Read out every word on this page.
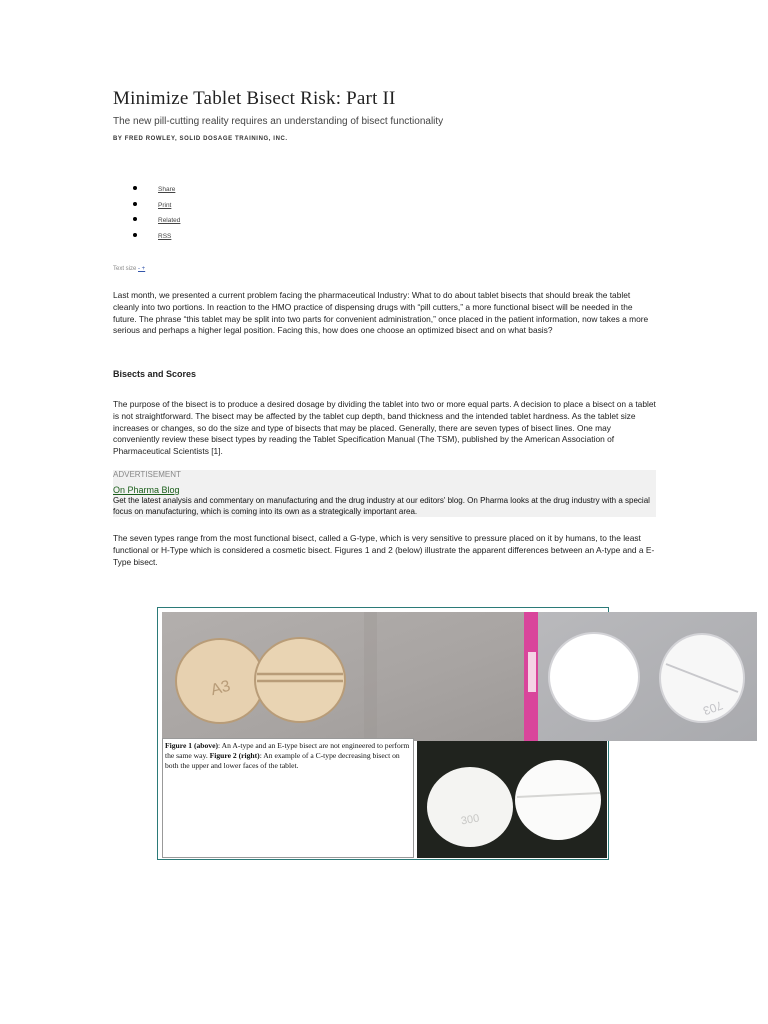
Minimize Tablet Bisect Risk: Part II
The new pill-cutting reality requires an understanding of bisect functionality
BY FRED ROWLEY, SOLID DOSAGE TRAINING, INC.
Share
Print
Related
RSS
Text size - +

Last month, we presented a current problem facing the pharmaceutical Industry: What to do about tablet bisects that should break the tablet cleanly into two portions. In reaction to the HMO practice of dispensing drugs with “pill cutters,” a more functional bisect will be needed in the future. The phrase “this tablet may be split into two parts for convenient administration,” once placed in the patient information, now takes a more serious and perhaps a higher legal position. Facing this, how does one choose an optimized bisect and on what basis?

Bisects and Scores

The purpose of the bisect is to produce a desired dosage by dividing the tablet into two or more equal parts. A decision to place a bisect on a tablet is not straightforward. The bisect may be affected by the tablet cup depth, band thickness and the intended tablet hardness. As the tablet size increases or changes, so do the size and type of bisects that may be placed. Generally, there are seven types of bisect lines. One may conveniently review these bisect types by reading the Tablet Specification Manual (The TSM), published by the American Association of Pharmaceutical Scientists [1].

ADVERTISEMENT
On Pharma Blog
Get the latest analysis and commentary on manufacturing and the drug industry at our editors' blog. On Pharma looks at the drug industry with a special focus on manufacturing, which is coming into its own as a strategically important area.

The seven types range from the most functional bisect, called a G-type, which is very sensitive to pressure placed on it by humans, to the least functional or H-Type which is considered a cosmetic bisect. Figures 1 and 2 (below) illustrate the apparent differences between an A-type and a E-Type bisect.

A3
703
Figure 1 (above): An A-type and an E-type bisect are not engineered to perform the same way. Figure 2 (right): An example of a C-type decreasing bisect on both the upper and lower faces of the tablet.
300
